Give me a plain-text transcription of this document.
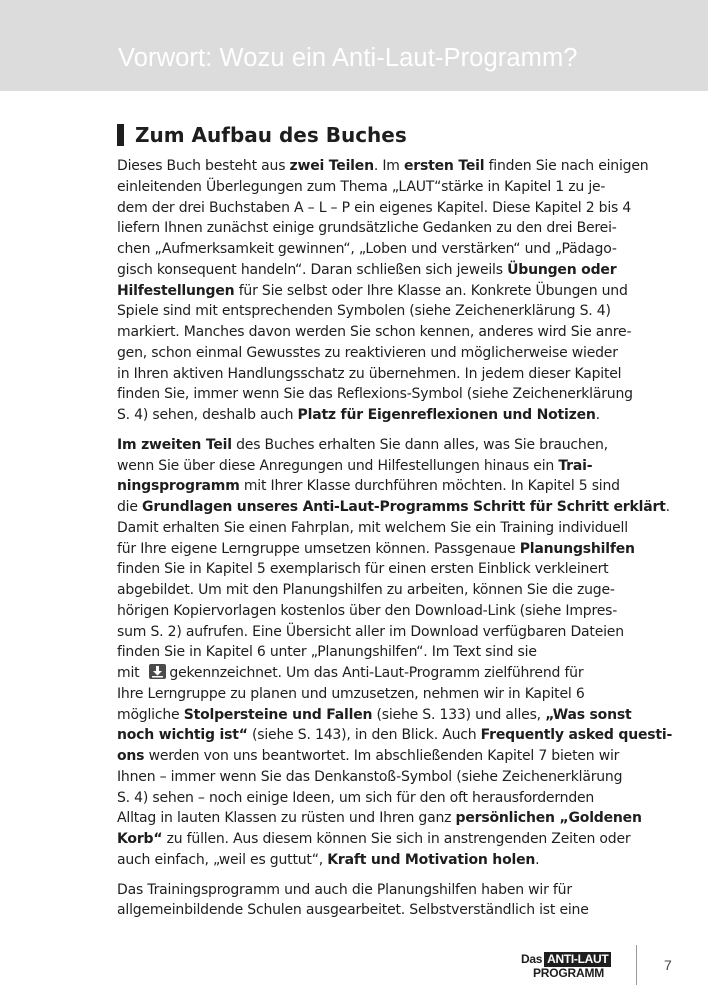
Vorwort: Wozu ein Anti-Laut-Programm?
Zum Aufbau des Buches
Dieses Buch besteht aus zwei Teilen. Im ersten Teil finden Sie nach einigen
einleitenden Überlegungen zum Thema „LAUT“stärke in Kapitel 1 zu je-
dem der drei Buchstaben A – L – P ein eigenes Kapitel. Diese Kapitel 2 bis 4
liefern Ihnen zunächst einige grundsätzliche Gedanken zu den drei Berei-
chen „Aufmerksamkeit gewinnen“, „Loben und verstärken“ und „Pädago-
gisch konsequent handeln“. Daran schließen sich jeweils Übungen oder
Hilfestellungen für Sie selbst oder Ihre Klasse an. Konkrete Übungen und
Spiele sind mit entsprechenden Symbolen (siehe Zeichenerklärung S. 4)
markiert. Manches davon werden Sie schon kennen, anderes wird Sie anre-
gen, schon einmal Gewusstes zu reaktivieren und möglicherweise wieder
in Ihren aktiven Handlungsschatz zu übernehmen. In jedem dieser Kapitel
finden Sie, immer wenn Sie das Reflexions-Symbol (siehe Zeichenerklärung
S. 4) sehen, deshalb auch Platz für Eigenreflexionen und Notizen.
Im zweiten Teil des Buches erhalten Sie dann alles, was Sie brauchen,
wenn Sie über diese Anregungen und Hilfestellungen hinaus ein Trai-
ningsprogramm mit Ihrer Klasse durchführen möchten. In Kapitel 5 sind
die Grundlagen unseres Anti-Laut-Programms Schritt für Schritt erklärt.
Damit erhalten Sie einen Fahrplan, mit welchem Sie ein Training individuell
für Ihre eigene Lerngruppe umsetzen können. Passgenaue Planungshilfen
finden Sie in Kapitel 5 exemplarisch für einen ersten Einblick verkleinert
abgebildet. Um mit den Planungshilfen zu arbeiten, können Sie die zuge-
hörigen Kopiervorlagen kostenlos über den Download-Link (siehe Impres-
sum S. 2) aufrufen. Eine Übersicht aller im Download verfügbaren Dateien
finden Sie in Kapitel 6 unter „Planungshilfen“. Im Text sind sie
mit gekennzeichnet. Um das Anti-Laut-Programm zielführend für
Ihre Lerngruppe zu planen und umzusetzen, nehmen wir in Kapitel 6
mögliche Stolpersteine und Fallen (siehe S. 133) und alles, „Was sonst
noch wichtig ist“ (siehe S. 143), in den Blick. Auch Frequently asked questi-
ons werden von uns beantwortet. Im abschließenden Kapitel 7 bieten wir
Ihnen – immer wenn Sie das Denkanstoß-Symbol (siehe Zeichenerklärung
S. 4) sehen – noch einige Ideen, um sich für den oft herausfordernden
Alltag in lauten Klassen zu rüsten und Ihren ganz persönlichen „Goldenen
Korb“ zu füllen. Aus diesem können Sie sich in anstrengenden Zeiten oder
auch einfach, „weil es guttut“, Kraft und Motivation holen.
Das Trainingsprogramm und auch die Planungshilfen haben wir für
allgemeinbildende Schulen ausgearbeitet. Selbstverständlich ist eine
Das ANTI-LAUT
PROGRAMM	7
